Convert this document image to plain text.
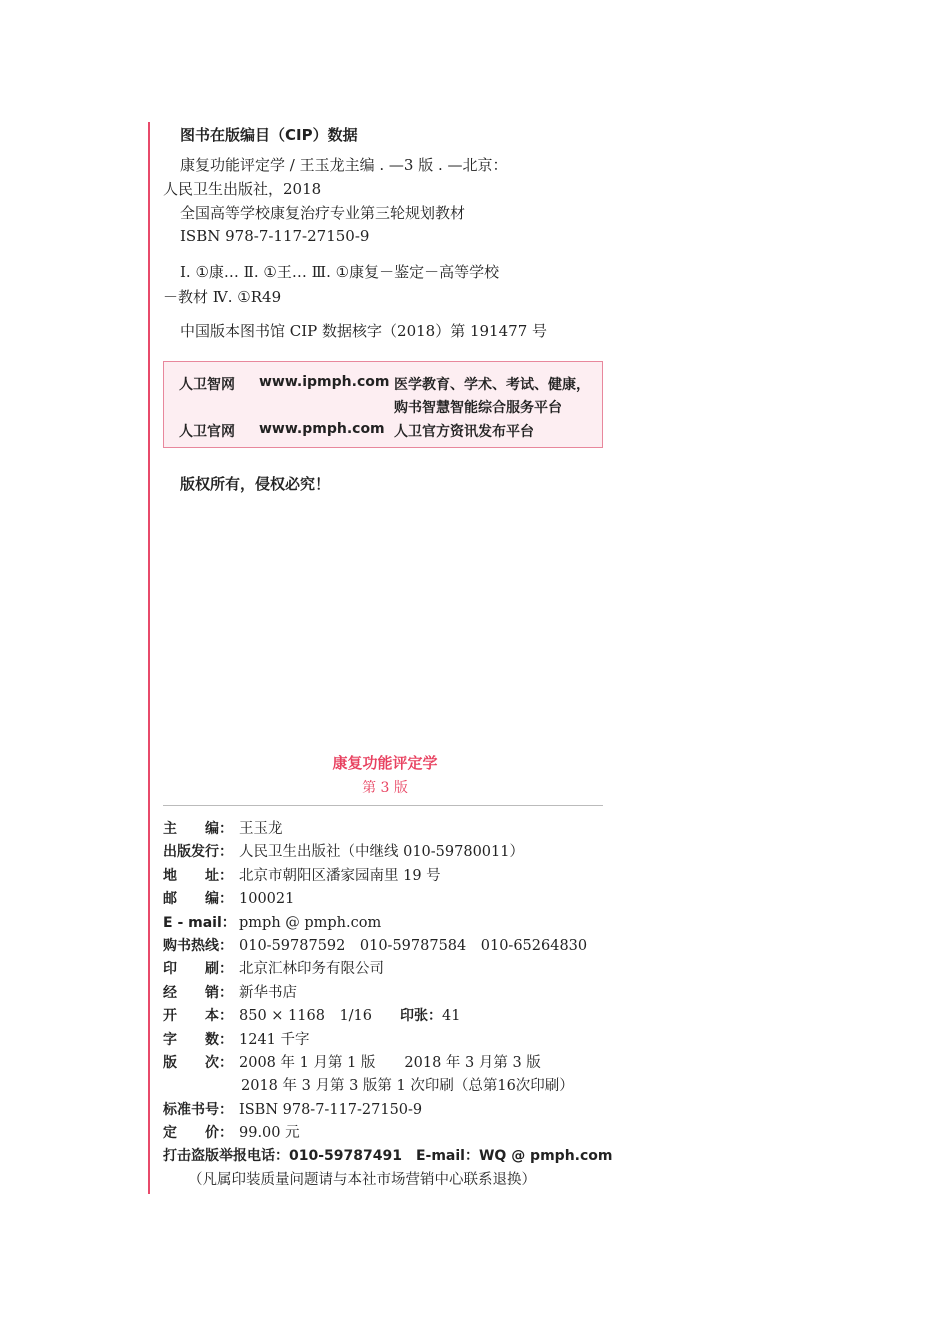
图书在版编目（CIP）数据
康复功能评定学 / 王玉龙主编 . —3 版 . —北京：
人民卫生出版社，2018
全国高等学校康复治疗专业第三轮规划教材
ISBN 978-7-117-27150-9
Ⅰ. ①康… Ⅱ. ①王… Ⅲ. ①康复－鉴定－高等学校
－教材 Ⅳ. ①R49
中国版本图书馆 CIP 数据核字（2018）第 191477 号
人卫智网 www.ipmph.com 医学教育、学术、考试、健康，
购书智慧智能综合服务平台
人卫官网 www.pmph.com 人卫官方资讯发布平台
版权所有，侵权必究！
康复功能评定学
第 3 版
主　　编： 王玉龙
出版发行： 人民卫生出版社（中继线 010-59780011）
地　　址： 北京市朝阳区潘家园南里 19 号
邮　　编： 100021
E - mail： pmph @ pmph.com
购书热线： 010-59787592　010-59787584　010-65264830
印　　刷： 北京汇林印务有限公司
经　　销： 新华书店
开　　本： 850 × 1168　1/16 印张：41
字　　数： 1241 千字
版　　次： 2008 年 1 月第 1 版　　2018 年 3 月第 3 版
2018 年 3 月第 3 版第 1 次印刷（总第16次印刷）
标准书号： ISBN 978-7-117-27150-9
定　　价： 99.00 元
打击盗版举报电话：010-59787491　E-mail：WQ @ pmph.com
（凡属印装质量问题请与本社市场营销中心联系退换）
